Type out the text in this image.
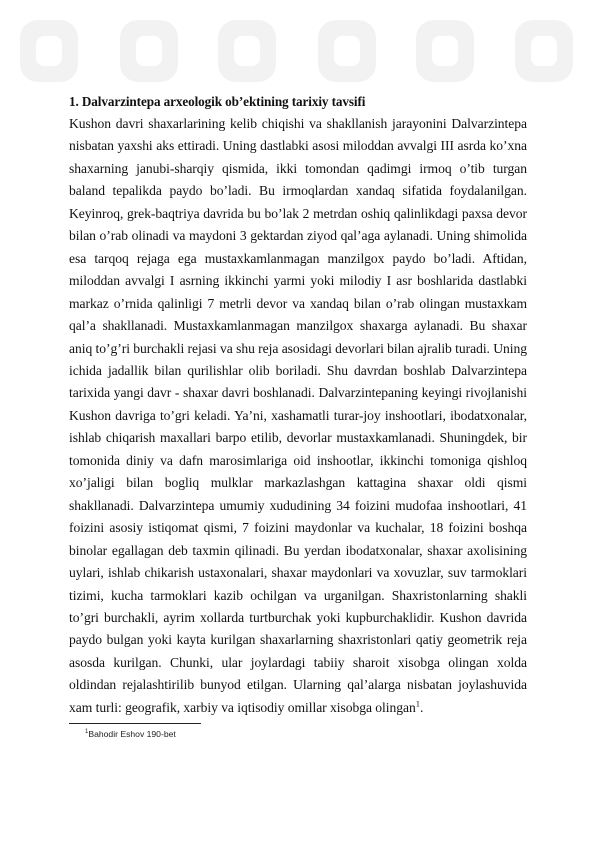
1. Dalvarzintepa arxeologik ob’ektining tarixiy tavsifi

Kushon davri shaxarlarining kelib chiqishi va shakllanish jarayonini Dalvarzintepa nisbatan yaxshi aks ettiradi. Uning dastlabki asosi miloddan avvalgi III asrda ko’xna shaxarning janubi-sharqiy qismida, ikki tomondan qadimgi irmoq o’tib turgan baland tepalikda paydo bo’ladi. Bu irmoqlardan xandaq sifatida foydalanilgan. Keyinroq, grek-baqtriya davrida bu bo’lak 2 metrdan oshiq qalinlikdagi paxsa devor bilan o’rab olinadi va maydoni 3 gektardan ziyod qal’aga aylanadi. Uning shimolida esa tarqoq rejaga ega mustaxkamlanmagan manzilgox paydo bo’ladi. Aftidan, miloddan avvalgi I asrning ikkinchi yarmi yoki milodiy I asr boshlarida dastlabki markaz o’rnida qalinligi 7 metrli devor va xandaq bilan o’rab olingan mustaxkam qal’a shakllanadi. Mustaxkamlanmagan manzilgox shaxarga aylanadi. Bu shaxar aniq to’g’ri burchakli rejasi va shu reja asosidagi devorlari bilan ajralib turadi. Uning ichida jadallik bilan qurilishlar olib boriladi. Shu davrdan boshlab Dalvarzintepa tarixida yangi davr - shaxar davri boshlanadi. Dalvarzintepaning keyingi rivojlanishi Kushon davriga to’gri keladi. Ya’ni, xashamatli turar-joy inshootlari, ibodatxonalar, ishlab chiqarish maxallari barpo etilib, devorlar mustaxkamlanadi. Shuningdek, bir tomonida diniy va dafn marosimlariga oid inshootlar, ikkinchi tomoniga qishloq xo’jaligi bilan bogliq mulklar markazlashgan kattagina shaxar oldi qismi shakllanadi. Dalvarzintepa umumiy xududining 34 foizini mudofaa inshootlari, 41 foizini asosiy istiqomat qismi, 7 foizini maydonlar va kuchalar, 18 foizini boshqa binolar egallagan deb taxmin qilinadi. Bu yerdan ibodatxonalar, shaxar axolisining uylari, ishlab chikarish ustaxonalari, shaxar maydonlari va xovuzlar, suv tarmoklari tizimi, kucha tarmoklari kazib ochilgan va urganilgan. Shaxristonlarning shakli to’gri burchakli, ayrim xollarda turtburchak yoki kupburchaklidir. Kushon davrida paydo bulgan yoki kayta kurilgan shaxarlarning shaxristonlari qatiy geometrik reja asosda kurilgan. Chunki, ular joylardagi tabiiy sharoit xisobga olingan xolda oldindan rejalashtirilib bunyod etilgan. Ularning qal’alarga nisbatan joylashuvida xam turli: geografik, xarbiy va iqtisodiy omillar xisobga olingan$^1$.

$^1$Bahodir Eshov 190-bet
